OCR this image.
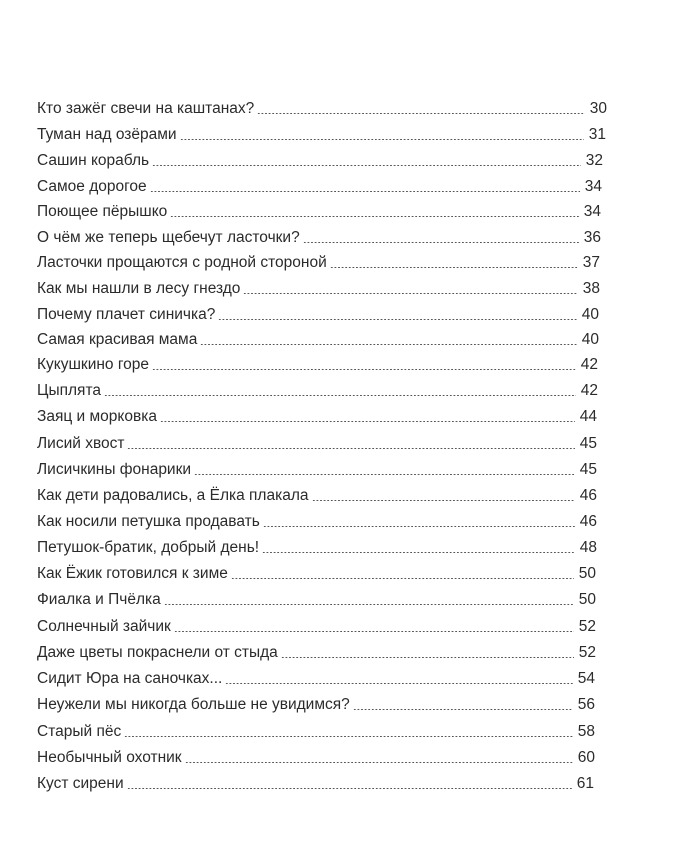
Кто зажёг свечи на каштанах?	30
Туман над озёрами	31
Сашин корабль	32
Самое дорогое	34
Поющее пёрышко	34
О чём же теперь щебечут ласточки?	36
Ласточки прощаются с родной стороной	37
Как мы нашли в лесу гнездо	38
Почему плачет синичка?	40
Самая красивая мама	40
Кукушкино горе	42
Цыплята	42
Заяц и морковка	44
Лисий хвост	45
Лисичкины фонарики	45
Как дети радовались, а Ёлка плакала	46
Как носили петушка продавать	46
Петушок-братик, добрый день!	48
Как Ёжик готовился к зиме	50
Фиалка и Пчёлка	50
Солнечный зайчик	52
Даже цветы покраснели от стыда	52
Сидит Юра на саночках...	54
Неужели мы никогда больше не увидимся?	56
Старый пёс	58
Необычный охотник	60
Куст сирени	61
